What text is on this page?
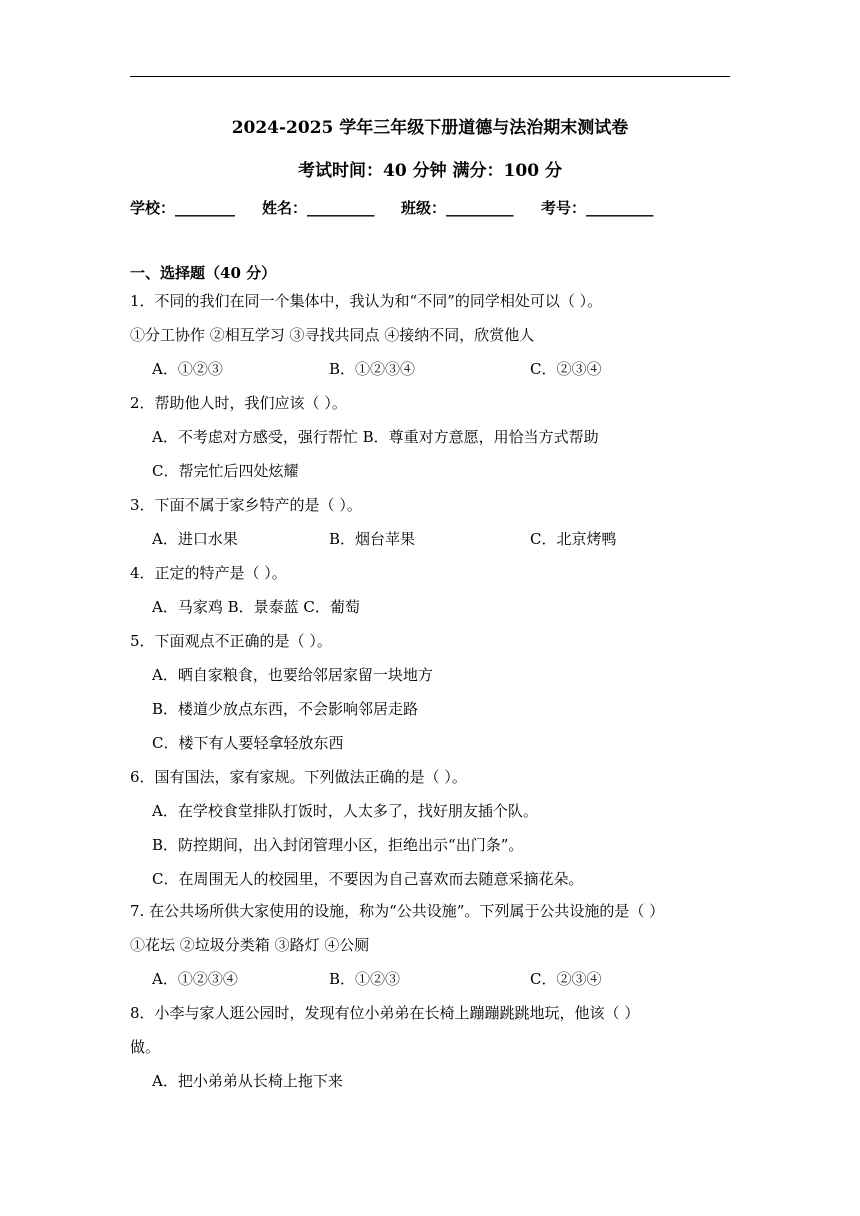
2024-2025 学年三年级下册道德与法治期末测试卷
考试时间：40 分钟 满分：100 分
学校：________ 姓名：_________ 班级：_________ 考号：_________
一、选择题（40 分）
1．不同的我们在同一个集体中，我认为和“不同”的同学相处可以（ ）。
①分工协作 ②相互学习 ③寻找共同点 ④接纳不同，欣赏他人
A．①②③	B．①②③④	C．②③④
2．帮助他人时，我们应该（ ）。
A．不考虑对方感受，强行帮忙 B．尊重对方意愿，用恰当方式帮助
C．帮完忙后四处炫耀
3．下面不属于家乡特产的是（ ）。
A．进口水果	B．烟台苹果	C．北京烤鸭
4．正定的特产是（ ）。
A．马家鸡 B．景泰蓝 C．葡萄
5．下面观点不正确的是（ ）。
A．晒自家粮食，也要给邻居家留一块地方
B．楼道少放点东西，不会影响邻居走路
C．楼下有人要轻拿轻放东西
6．国有国法，家有家规。下列做法正确的是（ ）。
A．在学校食堂排队打饭时，人太多了，找好朋友插个队。
B．防控期间，出入封闭管理小区，拒绝出示“出门条”。
C．在周围无人的校园里，不要因为自己喜欢而去随意采摘花朵。
7. 在公共场所供大家使用的设施，称为“公共设施”。下列属于公共设施的是（ ）
①花坛 ②垃圾分类箱 ③路灯 ④公厕
A．①②③④	B．①②③	C．②③④
8．小李与家人逛公园时，发现有位小弟弟在长椅上蹦蹦跳跳地玩，他该（ ）
做。
A．把小弟弟从长椅上拖下来
